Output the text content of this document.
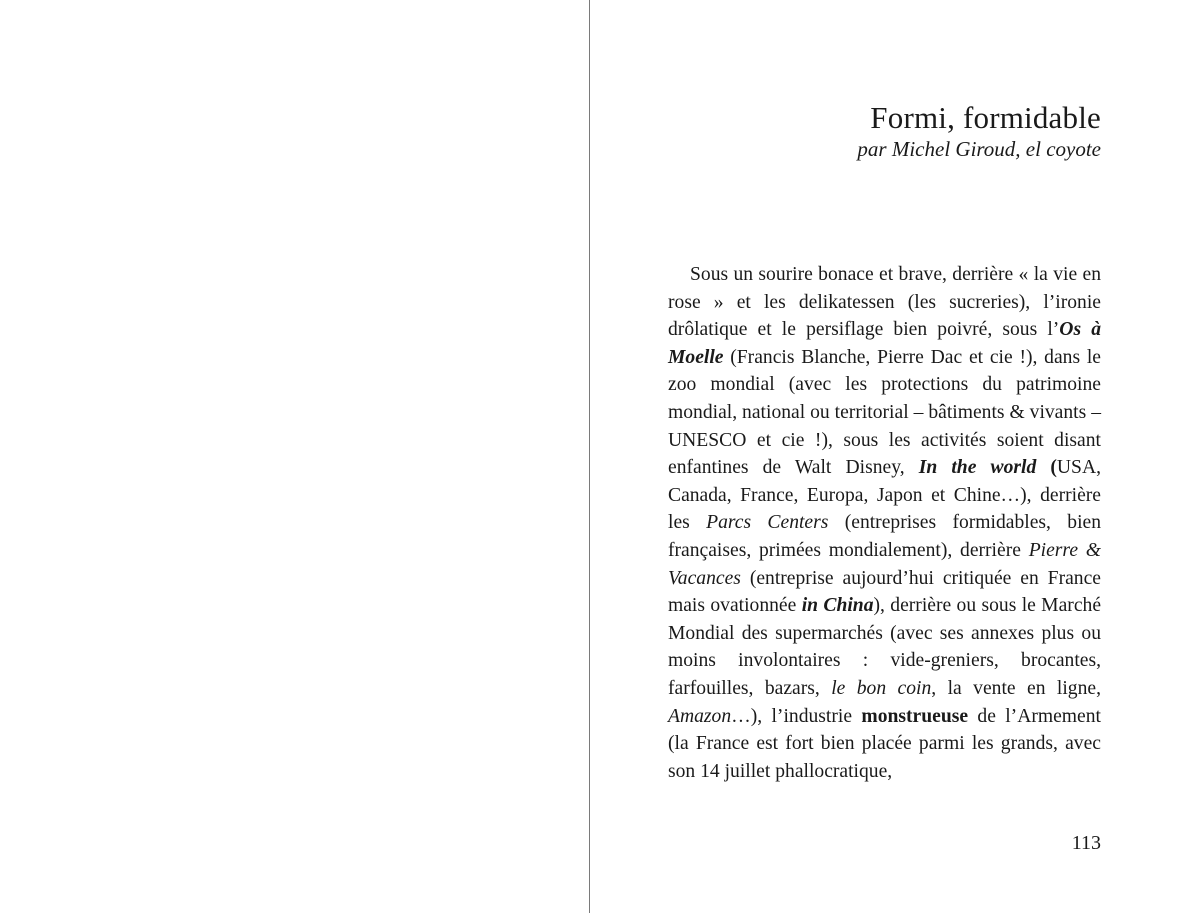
Formi, formidable

par Michel Giroud, el coyote

Sous un sourire bonace et brave, derrière « la vie en rose » et les delikatessen (les sucreries), l’ironie drôlatique et le persiflage bien poivré, sous l’Os à Moelle (Francis Blanche, Pierre Dac et cie !), dans le zoo mondial (avec les protections du patrimoine mondial, national ou territorial – bâtiments & vivants – UNESCO et cie !), sous les activités soient disant enfantines de Walt Disney, In the world (USA, Canada, France, Europa, Japon et Chine…), derrière les Parcs Centers (entreprises formidables, bien françaises, primées mondialement), derrière Pierre & Vacances (entreprise aujourd’hui critiquée en France mais ovationnée in China), derrière ou sous le Marché Mondial des supermarchés (avec ses annexes plus ou moins involontaires : vide-greniers, brocantes, farfouilles, bazars, le bon coin, la vente en ligne, Amazon…), l’industrie monstrueuse de l’Armement (la France est fort bien placée parmi les grands, avec son 14 juillet phallocratique,

113
